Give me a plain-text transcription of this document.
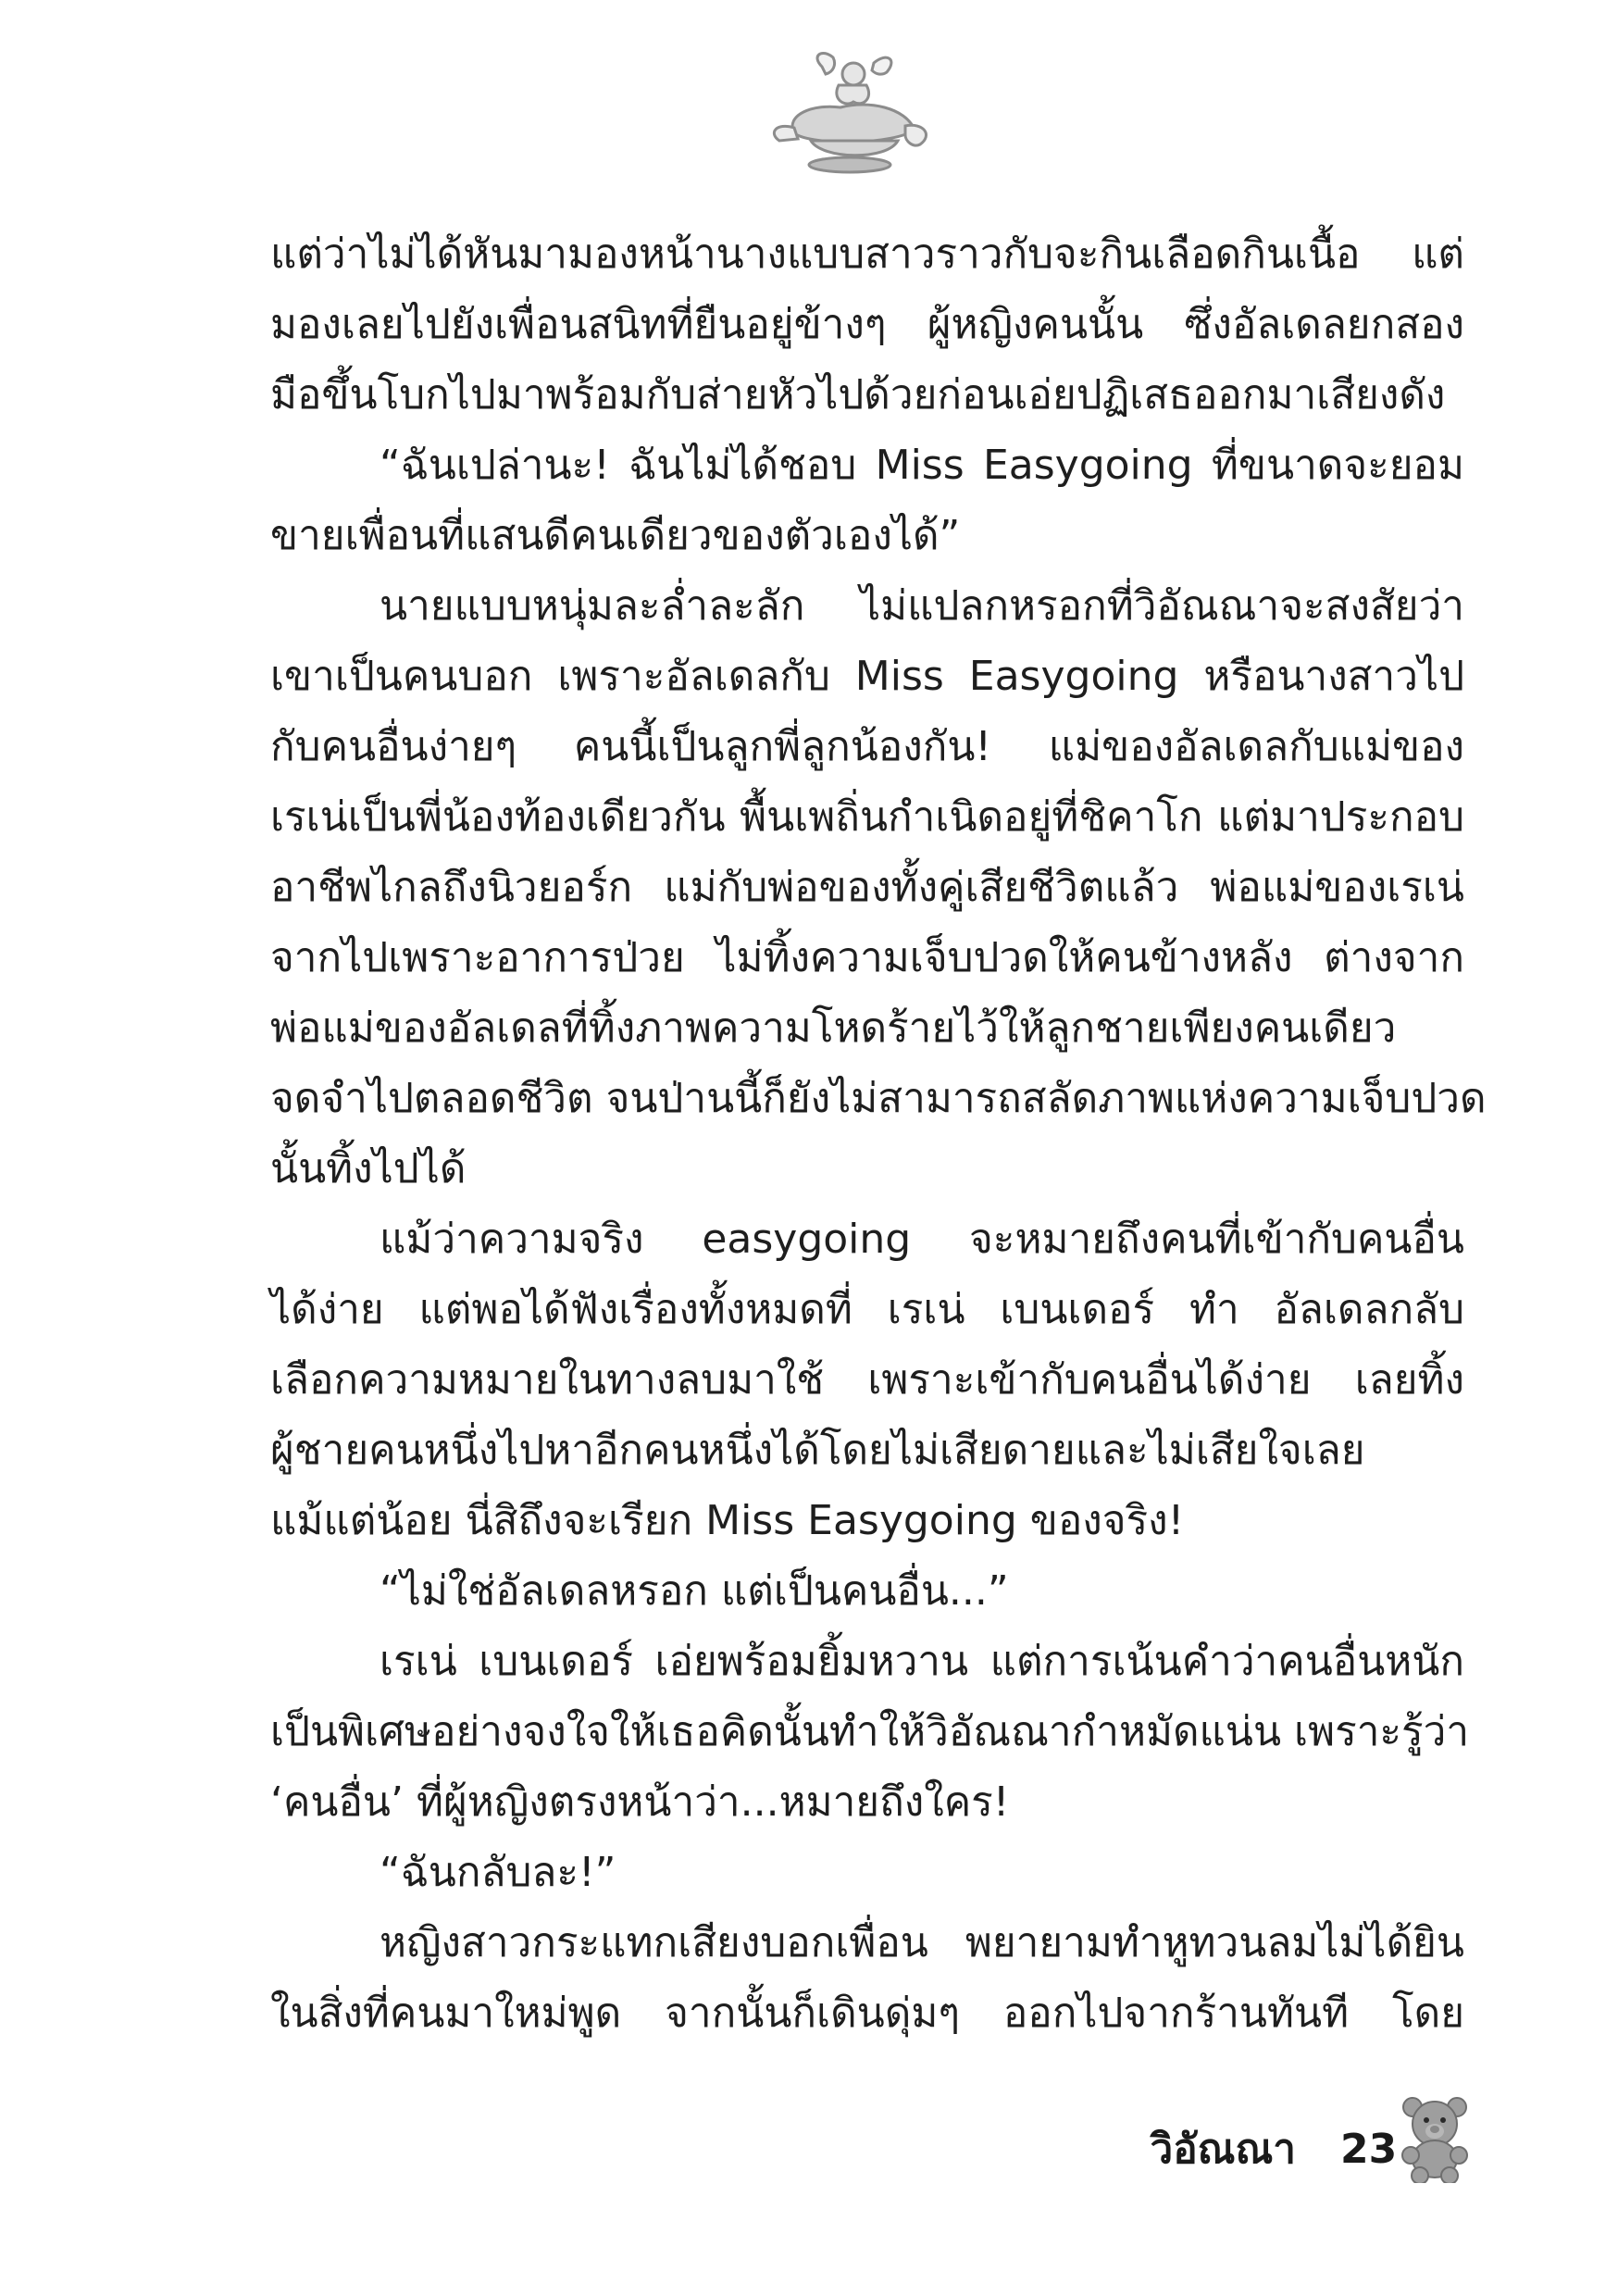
แต่ว่าไม่ได้หันมามองหน้านางแบบสาวราวกับจะกินเลือดกินเนื้อ แต่
มองเลยไปยังเพื่อนสนิทที่ยืนอยู่ข้างๆ ผู้หญิงคนนั้น ซึ่งอัลเดลยกสอง
มือขึ้นโบกไปมาพร้อมกับส่ายหัวไปด้วยก่อนเอ่ยปฏิเสธออกมาเสียงดัง
“ฉันเปล่านะ! ฉันไม่ได้ชอบ Miss Easygoing ที่ขนาดจะยอม
ขายเพื่อนที่แสนดีคนเดียวของตัวเองได้”
นายแบบหนุ่มละล่ำละลัก ไม่แปลกหรอกที่วิอัณณาจะสงสัยว่า
เขาเป็นคนบอก เพราะอัลเดลกับ Miss Easygoing หรือนางสาวไป
กับคนอื่นง่ายๆ คนนี้เป็นลูกพี่ลูกน้องกัน! แม่ของอัลเดลกับแม่ของ
เรเน่เป็นพี่น้องท้องเดียวกัน พื้นเพถิ่นกำเนิดอยู่ที่ชิคาโก แต่มาประกอบ
อาชีพไกลถึงนิวยอร์ก แม่กับพ่อของทั้งคู่เสียชีวิตแล้ว พ่อแม่ของเรเน่
จากไปเพราะอาการป่วย ไม่ทิ้งความเจ็บปวดให้คนข้างหลัง ต่างจาก
พ่อแม่ของอัลเดลที่ทิ้งภาพความโหดร้ายไว้ให้ลูกชายเพียงคนเดียว
จดจำไปตลอดชีวิต จนป่านนี้ก็ยังไม่สามารถสลัดภาพแห่งความเจ็บปวด
นั้นทิ้งไปได้
แม้ว่าความจริง easygoing จะหมายถึงคนที่เข้ากับคนอื่น
ได้ง่าย แต่พอได้ฟังเรื่องทั้งหมดที่ เรเน่ เบนเดอร์ ทำ อัลเดลกลับ
เลือกความหมายในทางลบมาใช้ เพราะเข้ากับคนอื่นได้ง่าย เลยทิ้ง
ผู้ชายคนหนึ่งไปหาอีกคนหนึ่งได้โดยไม่เสียดายและไม่เสียใจเลย
แม้แต่น้อย นี่สิถึงจะเรียก Miss Easygoing ของจริง!
“ไม่ใช่อัลเดลหรอก แต่เป็นคนอื่น...”
เรเน่ เบนเดอร์ เอ่ยพร้อมยิ้มหวาน แต่การเน้นคำว่าคนอื่นหนัก
เป็นพิเศษอย่างจงใจให้เธอคิดนั้นทำให้วิอัณณากำหมัดแน่น เพราะรู้ว่า
‘คนอื่น’ ที่ผู้หญิงตรงหน้าว่า...หมายถึงใคร!
“ฉันกลับละ!”
หญิงสาวกระแทกเสียงบอกเพื่อน พยายามทำหูทวนลมไม่ได้ยิน
ในสิ่งที่คนมาใหม่พูด จากนั้นก็เดินดุ่มๆ ออกไปจากร้านทันที โดย
วิอัณณา 23
